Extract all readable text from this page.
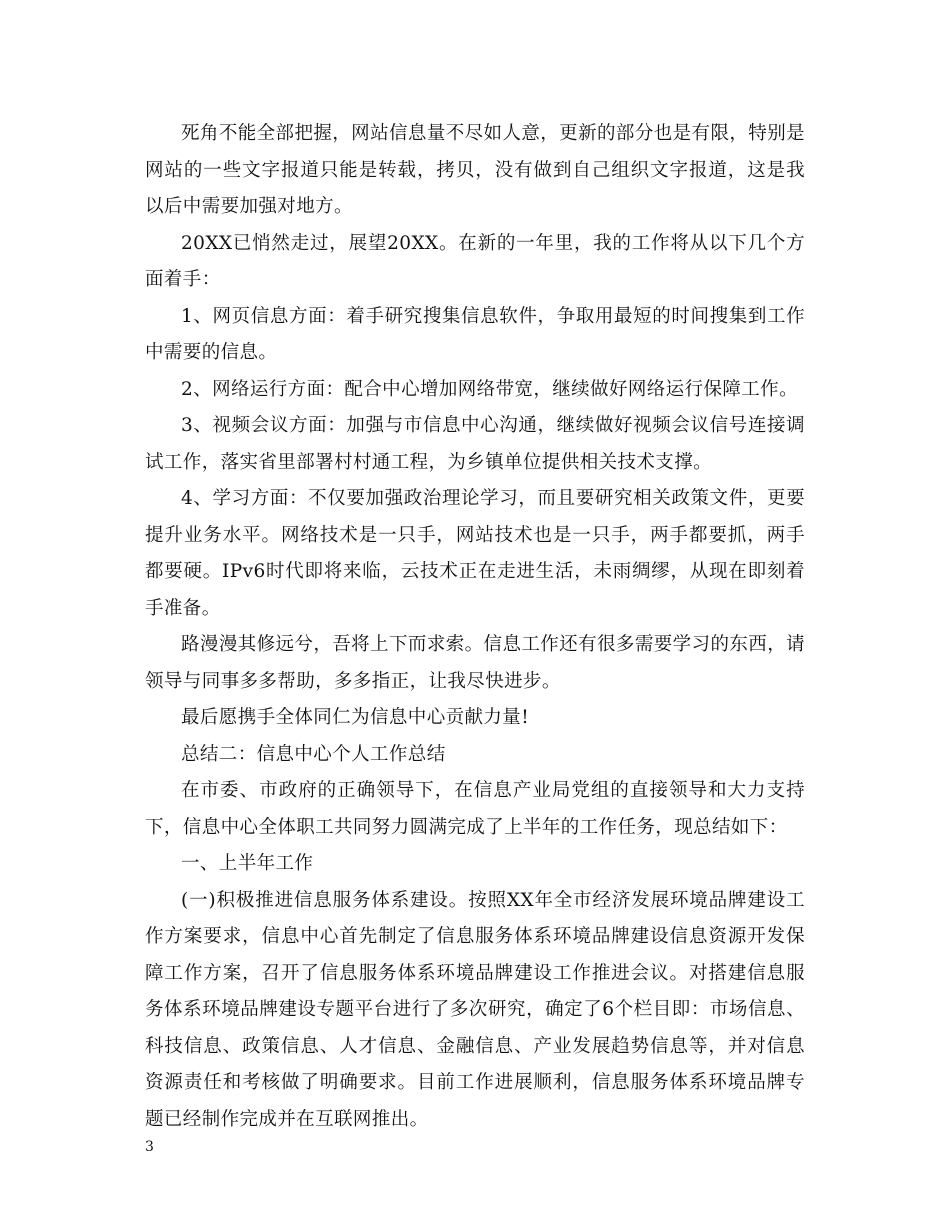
死角不能全部把握，网站信息量不尽如人意，更新的部分也是有限，特别是网站的一些文字报道只能是转载，拷贝，没有做到自己组织文字报道，这是我以后中需要加强对地方。

20XX已悄然走过，展望20XX。在新的一年里，我的工作将从以下几个方面着手：

1、网页信息方面：着手研究搜集信息软件，争取用最短的时间搜集到工作中需要的信息。

2、网络运行方面：配合中心增加网络带宽，继续做好网络运行保障工作。

3、视频会议方面：加强与市信息中心沟通，继续做好视频会议信号连接调试工作，落实省里部署村村通工程，为乡镇单位提供相关技术支撑。

4、学习方面：不仅要加强政治理论学习，而且要研究相关政策文件，更要提升业务水平。网络技术是一只手，网站技术也是一只手，两手都要抓，两手都要硬。IPv6时代即将来临，云技术正在走进生活，未雨绸缪，从现在即刻着手准备。

路漫漫其修远兮，吾将上下而求索。信息工作还有很多需要学习的东西，请领导与同事多多帮助，多多指正，让我尽快进步。

最后愿携手全体同仁为信息中心贡献力量!

总结二：信息中心个人工作总结

在市委、市政府的正确领导下，在信息产业局党组的直接领导和大力支持下，信息中心全体职工共同努力圆满完成了上半年的工作任务，现总结如下：

一、上半年工作

(一)积极推进信息服务体系建设。按照XX年全市经济发展环境品牌建设工作方案要求，信息中心首先制定了信息服务体系环境品牌建设信息资源开发保障工作方案，召开了信息服务体系环境品牌建设工作推进会议。对搭建信息服务体系环境品牌建设专题平台进行了多次研究，确定了6个栏目即：市场信息、科技信息、政策信息、人才信息、金融信息、产业发展趋势信息等，并对信息资源责任和考核做了明确要求。目前工作进展顺利，信息服务体系环境品牌专题已经制作完成并在互联网推出。

3
